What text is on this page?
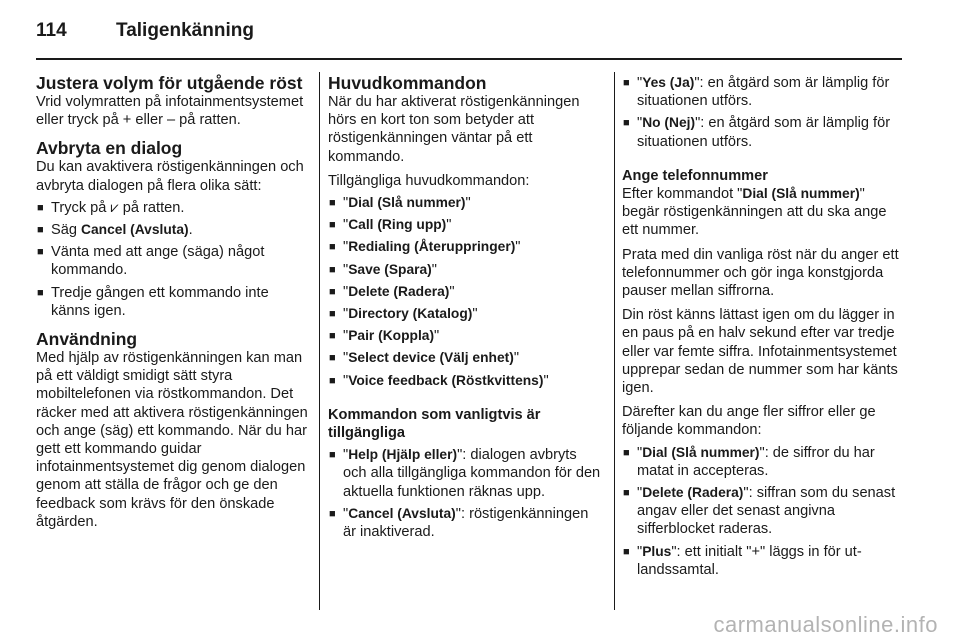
114	Taligenkänning
Justera volym för utgående röst

Vrid volymratten på infotainmentsystemet eller tryck på + eller – på ratten.

Avbryta en dialog

Du kan avaktivera röstigenkänningen och avbryta dialogen på flera olika sätt:

■ Tryck på ⩗ på ratten.
■ Säg Cancel (Avsluta).
■ Vänta med att ange (säga) något kommando.
■ Tredje gången ett kommando inte känns igen.
Användning

Med hjälp av röstigenkänningen kan man på ett väldigt smidigt sätt styra mobiltelefonen via röstkommandon. Det räcker med att aktivera röstigenkänningen och ange (säg) ett kommando. När du har gett ett kommando guidar infotainmentsystemet dig genom dialogen genom att ställa de frågor och ge den feedback som krävs för den önskade åtgärden.

Huvudkommandon

När du har aktiverat röstigenkänningen hörs en kort ton som betyder att röstigenkänningen väntar på ett kommando.

Tillgängliga huvudkommandon:

■ "Dial (Slå nummer)"
■ "Call (Ring upp)"
■ "Redialing (Återuppringer)"
■ "Save (Spara)"
■ "Delete (Radera)"
■ "Directory (Katalog)"
■ "Pair (Koppla)"
■ "Select device (Välj enhet)"
■ "Voice feedback (Röstkvittens)"
Kommandon som vanligtvis är tillgängliga
■ "Help (Hjälp eller)": dialogen avbryts och alla tillgängliga kommandon för den aktuella funktionen räknas upp.
■ "Cancel (Avsluta)": röstigenkänningen är inaktiverad.
■ "Yes (Ja)": en åtgärd som är lämplig för situationen utförs.
■ "No (Nej)": en åtgärd som är lämplig för situationen utförs.
Ange telefonnummer

Efter kommandot "Dial (Slå nummer)" begär röstigenkänningen att du ska ange ett nummer.

Prata med din vanliga röst när du anger ett telefonnummer och gör inga konstgjorda pauser mellan siffrorna.

Din röst känns lättast igen om du lägger in en paus på en halv sekund efter var tredje eller var femte siffra. Infotainmentsystemet upprepar sedan de nummer som har känts igen.

Därefter kan du ange fler siffror eller ge följande kommandon:

■ "Dial (Slå nummer)": de siffror du har matat in accepteras.
■ "Delete (Radera)": siffran som du senast angav eller det senast angivna sifferblocket raderas.
■ "Plus": ett initialt "+" läggs in för utlandssamtal.
carmanualsonline.info
